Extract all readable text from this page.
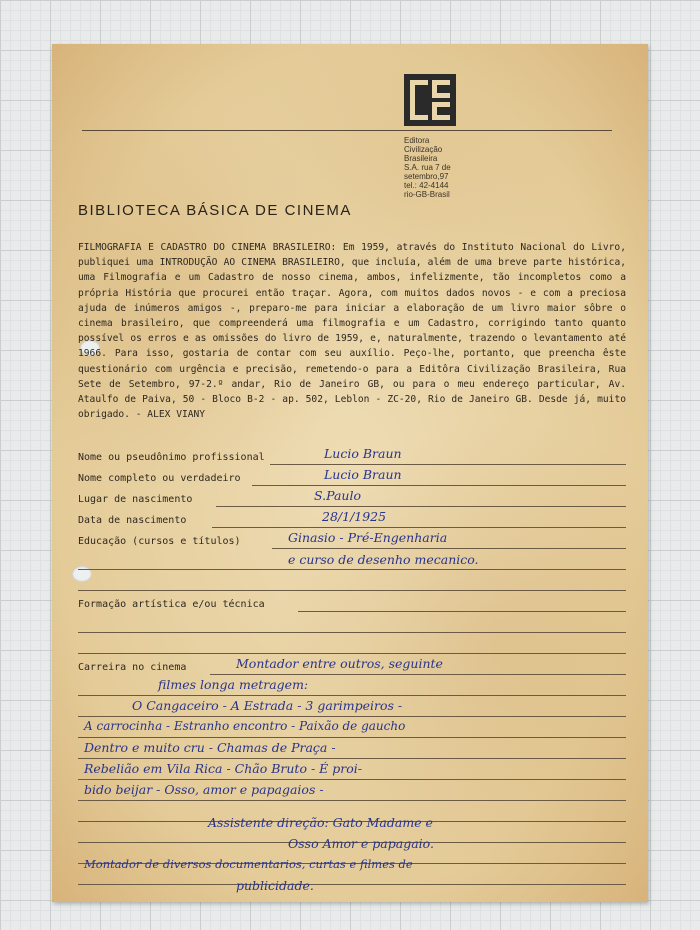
Editora
Civilização
Brasileira
S.A. rua 7 de
setembro,97
tel.: 42-4144
rio-GB-Brasil
BIBLIOTECA BÁSICA DE CINEMA
FILMOGRAFIA E CADASTRO DO CINEMA BRASILEIRO: Em 1959, através do Instituto Nacional do Livro, publiquei uma INTRODUÇÃO AO CINEMA BRASILEIRO, que incluía, além de uma breve parte histórica, uma Filmografia e um Cadastro de nosso cinema, ambos, infelizmente, tão incompletos como a própria História que procurei então traçar. Agora, com muitos dados novos - e com a preciosa ajuda de inúmeros amigos -, preparo-me para iniciar a elaboração de um livro maior sôbre o cinema brasileiro, que compreenderá uma filmografia e um Cadastro, corrigindo tanto quanto possível os erros e as omissões do livro de 1959, e, naturalmente, trazendo o levantamento até 1966. Para isso, gostaria de contar com seu auxílio. Peço-lhe, portanto, que preencha êste questionário com urgência e precisão, remetendo-o para a Editôra Civilização Brasileira, Rua Sete de Setembro, 97-2.º andar, Rio de Janeiro GB, ou para o meu endereço particular, Av. Ataulfo de Paiva, 50 - Bloco B-2 - ap. 502, Leblon - ZC-20, Rio de Janeiro GB. Desde já, muito obrigado. - ALEX VIANY
Nome ou pseudônimo profissional
Nome completo ou verdadeiro
Lugar de nascimento
Data de nascimento
Educação (cursos e títulos)
Formação artística e/ou técnica
Carreira no cinema
Lucio Braun
Lucio Braun
S.Paulo
28/1/1925
Ginasio - Pré-Engenharia
e curso de desenho mecanico.
Montador entre outros, seguinte
filmes longa metragem:
O Cangaceiro - A Estrada - 3 garimpeiros -
A carrocinha - Estranho encontro - Paixão de gaucho
Dentro e muito cru - Chamas de Praça -
Rebelião em Vila Rica - Chão Bruto - É proi-
bido beijar - Osso, amor e papagaios -
Assistente direção: Gato Madame e
Osso Amor e papagaio.
Montador de diversos documentarios, curtas e filmes de
publicidade.
